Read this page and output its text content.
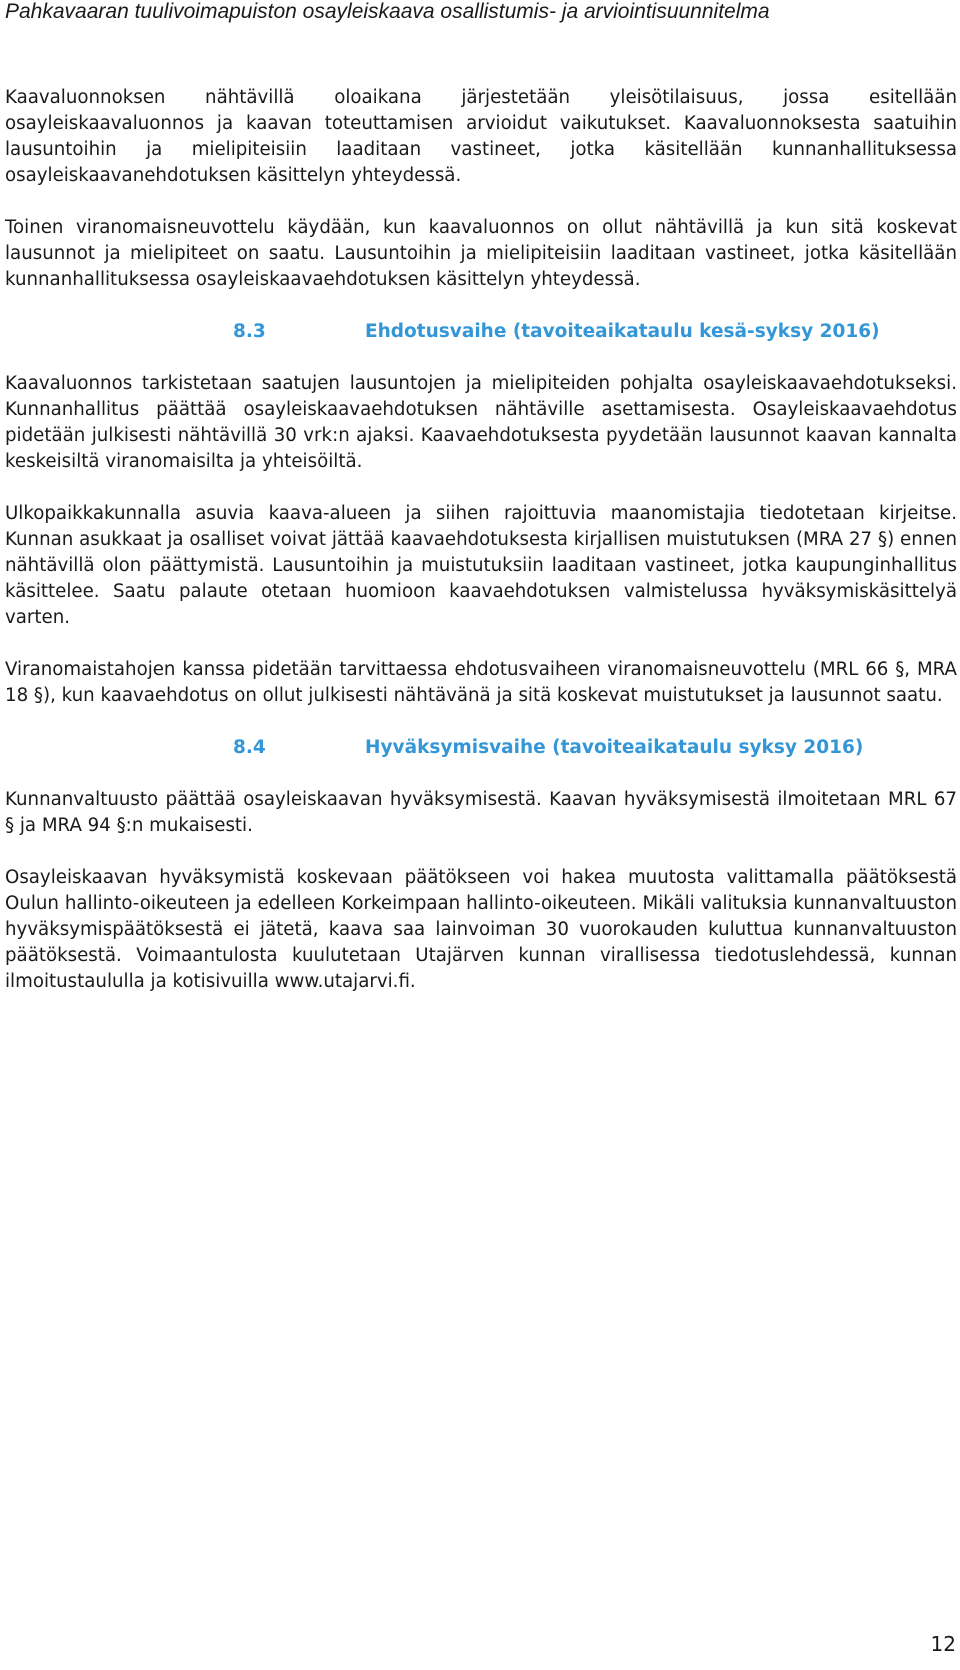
Pahkavaaran tuulivoimapuiston osayleiskaava osallistumis- ja arviointisuunnitelma

Kaavaluonnoksen nähtävillä oloaikana järjestetään yleisötilaisuus, jossa esitellään osayleiskaavaluonnos ja kaavan toteuttamisen arvioidut vaikutukset. Kaavaluonnoksesta saatuihin lausuntoihin ja mielipiteisiin laaditaan vastineet, jotka käsitellään kunnanhallituksessa osayleiskaavanehdotuksen käsittelyn yhteydessä.

Toinen viranomaisneuvottelu käydään, kun kaavaluonnos on ollut nähtävillä ja kun sitä koskevat lausunnot ja mielipiteet on saatu. Lausuntoihin ja mielipiteisiin laaditaan vastineet, jotka käsitellään kunnanhallituksessa osayleiskaavaehdotuksen käsittelyn yhteydessä.

8.3	Ehdotusvaihe (tavoiteaikataulu kesä-syksy 2016)

Kaavaluonnos tarkistetaan saatujen lausuntojen ja mielipiteiden pohjalta osayleiskaavaehdotukseksi. Kunnanhallitus päättää osayleiskaavaehdotuksen nähtäville asettamisesta. Osayleiskaavaehdotus pidetään julkisesti nähtävillä 30 vrk:n ajaksi. Kaavaehdotuksesta pyydetään lausunnot kaavan kannalta keskeisiltä viranomaisilta ja yhteisöiltä.

Ulkopaikkakunnalla asuvia kaava-alueen ja siihen rajoittuvia maanomistajia tiedotetaan kirjeitse. Kunnan asukkaat ja osalliset voivat jättää kaavaehdotuksesta kirjallisen muistutuksen (MRA 27 §) ennen nähtävillä olon päättymistä. Lausuntoihin ja muistutuksiin laaditaan vastineet, jotka kaupunginhallitus käsittelee. Saatu palaute otetaan huomioon kaavaehdotuksen valmistelussa hyväksymiskäsittelyä varten.

Viranomaistahojen kanssa pidetään tarvittaessa ehdotusvaiheen viranomaisneuvottelu (MRL 66 §, MRA 18 §), kun kaavaehdotus on ollut julkisesti nähtävänä ja sitä koskevat muistutukset ja lausunnot saatu.

8.4	Hyväksymisvaihe (tavoiteaikataulu syksy 2016)

Kunnanvaltuusto päättää osayleiskaavan hyväksymisestä. Kaavan hyväksymisestä ilmoitetaan MRL 67 § ja MRA 94 §:n mukaisesti.

Osayleiskaavan hyväksymistä koskevaan päätökseen voi hakea muutosta valittamalla päätöksestä Oulun hallinto-oikeuteen ja edelleen Korkeimpaan hallinto-oikeuteen. Mikäli valituksia kunnanvaltuuston hyväksymispäätöksestä ei jätetä, kaava saa lainvoiman 30 vuorokauden kuluttua kunnanvaltuuston päätöksestä. Voimaantulosta kuulutetaan Utajärven kunnan virallisessa tiedotuslehdessä, kunnan ilmoitustaululla ja kotisivuilla www.utajarvi.fi.

12
